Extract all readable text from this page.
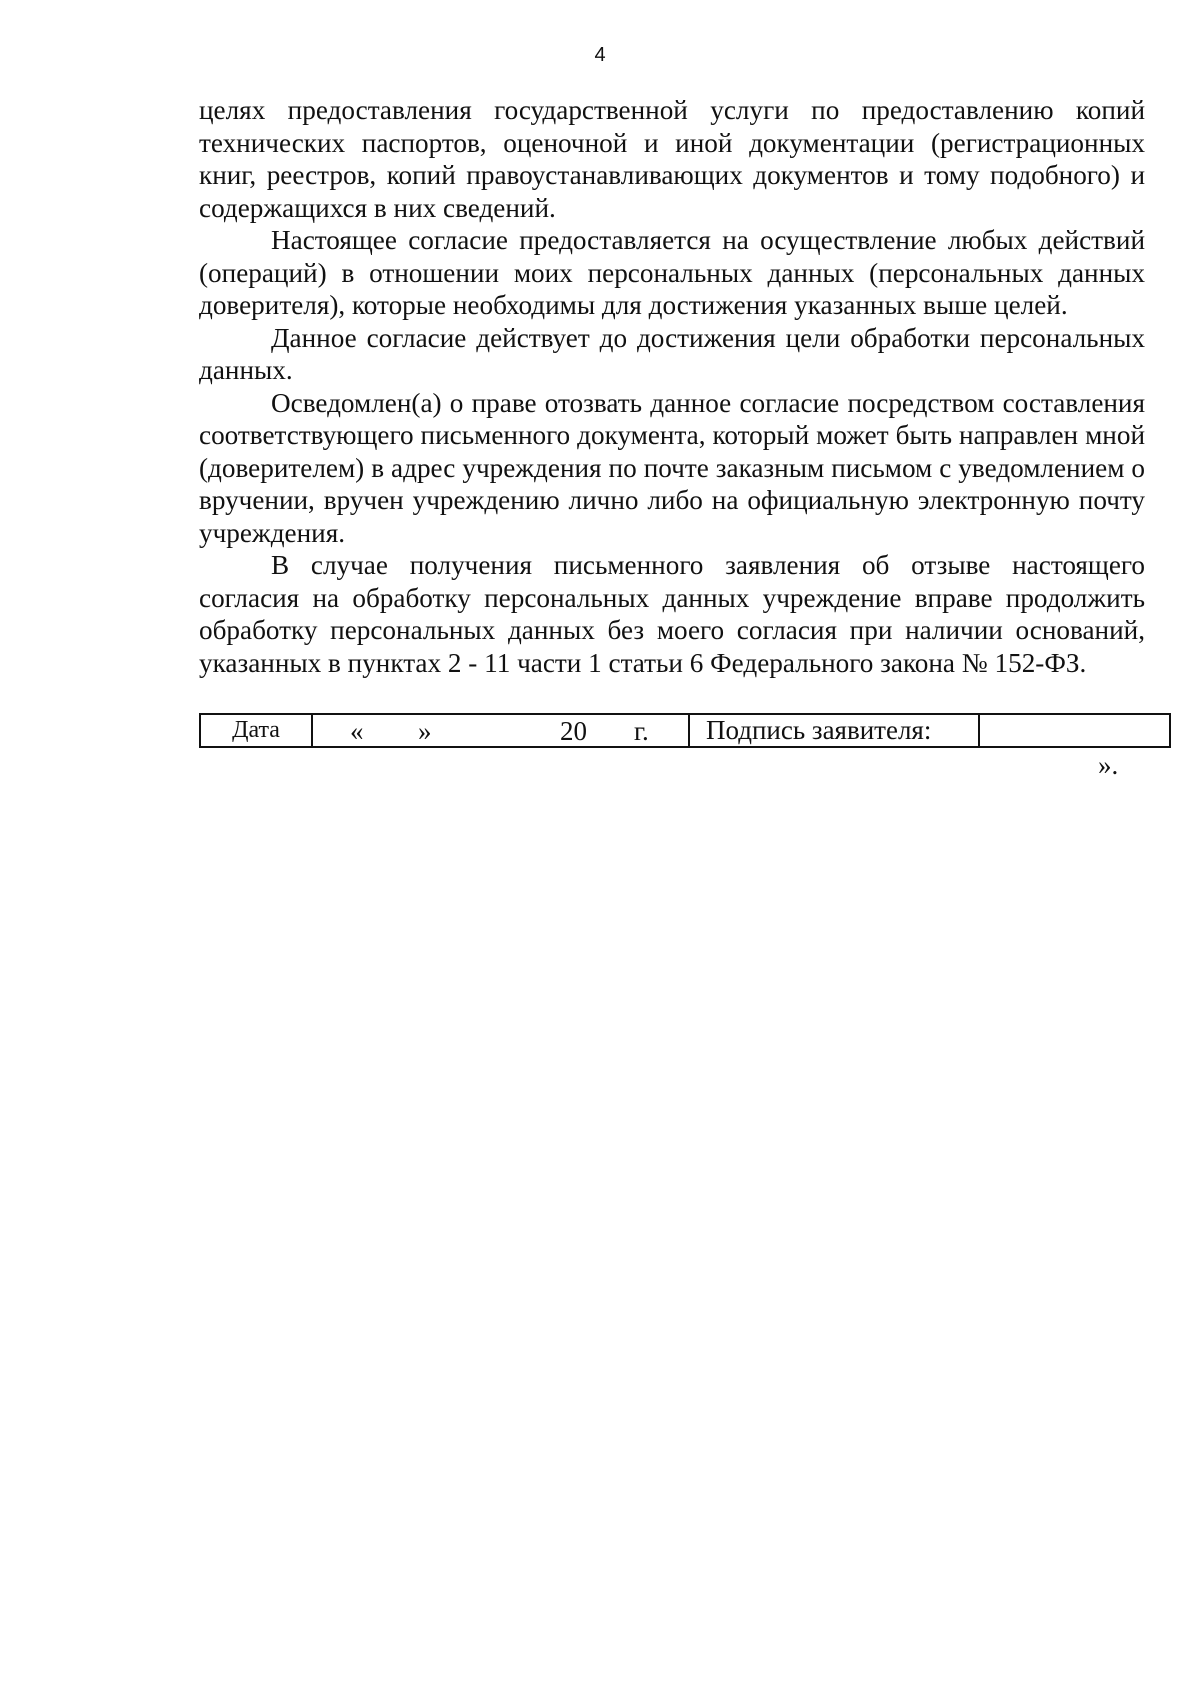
4

целях предоставления государственной услуги по предоставлению копий технических паспортов, оценочной и иной документации (регистрационных книг, реестров, копий правоустанавливающих документов и тому подобного) и содержащихся в них сведений.

Настоящее согласие предоставляется на осуществление любых действий (операций) в отношении моих персональных данных (персональных данных доверителя), которые необходимы для достижения указанных выше целей.

Данное согласие действует до достижения цели обработки персональных данных.

Осведомлен(а) о праве отозвать данное согласие посредством составления соответствующего письменного документа, который может быть направлен мной (доверителем) в адрес учреждения по почте заказным письмом с уведомлением о вручении, вручен учреждению лично либо на официальную электронную почту учреждения.

В случае получения письменного заявления об отзыве настоящего согласия на обработку персональных данных учреждение вправе продолжить обработку персональных данных без моего согласия при наличии оснований, указанных в пунктах 2 - 11 части 1 статьи 6 Федерального закона № 152-ФЗ.

Дата	« »	20 г.	Подпись заявителя:	
».
